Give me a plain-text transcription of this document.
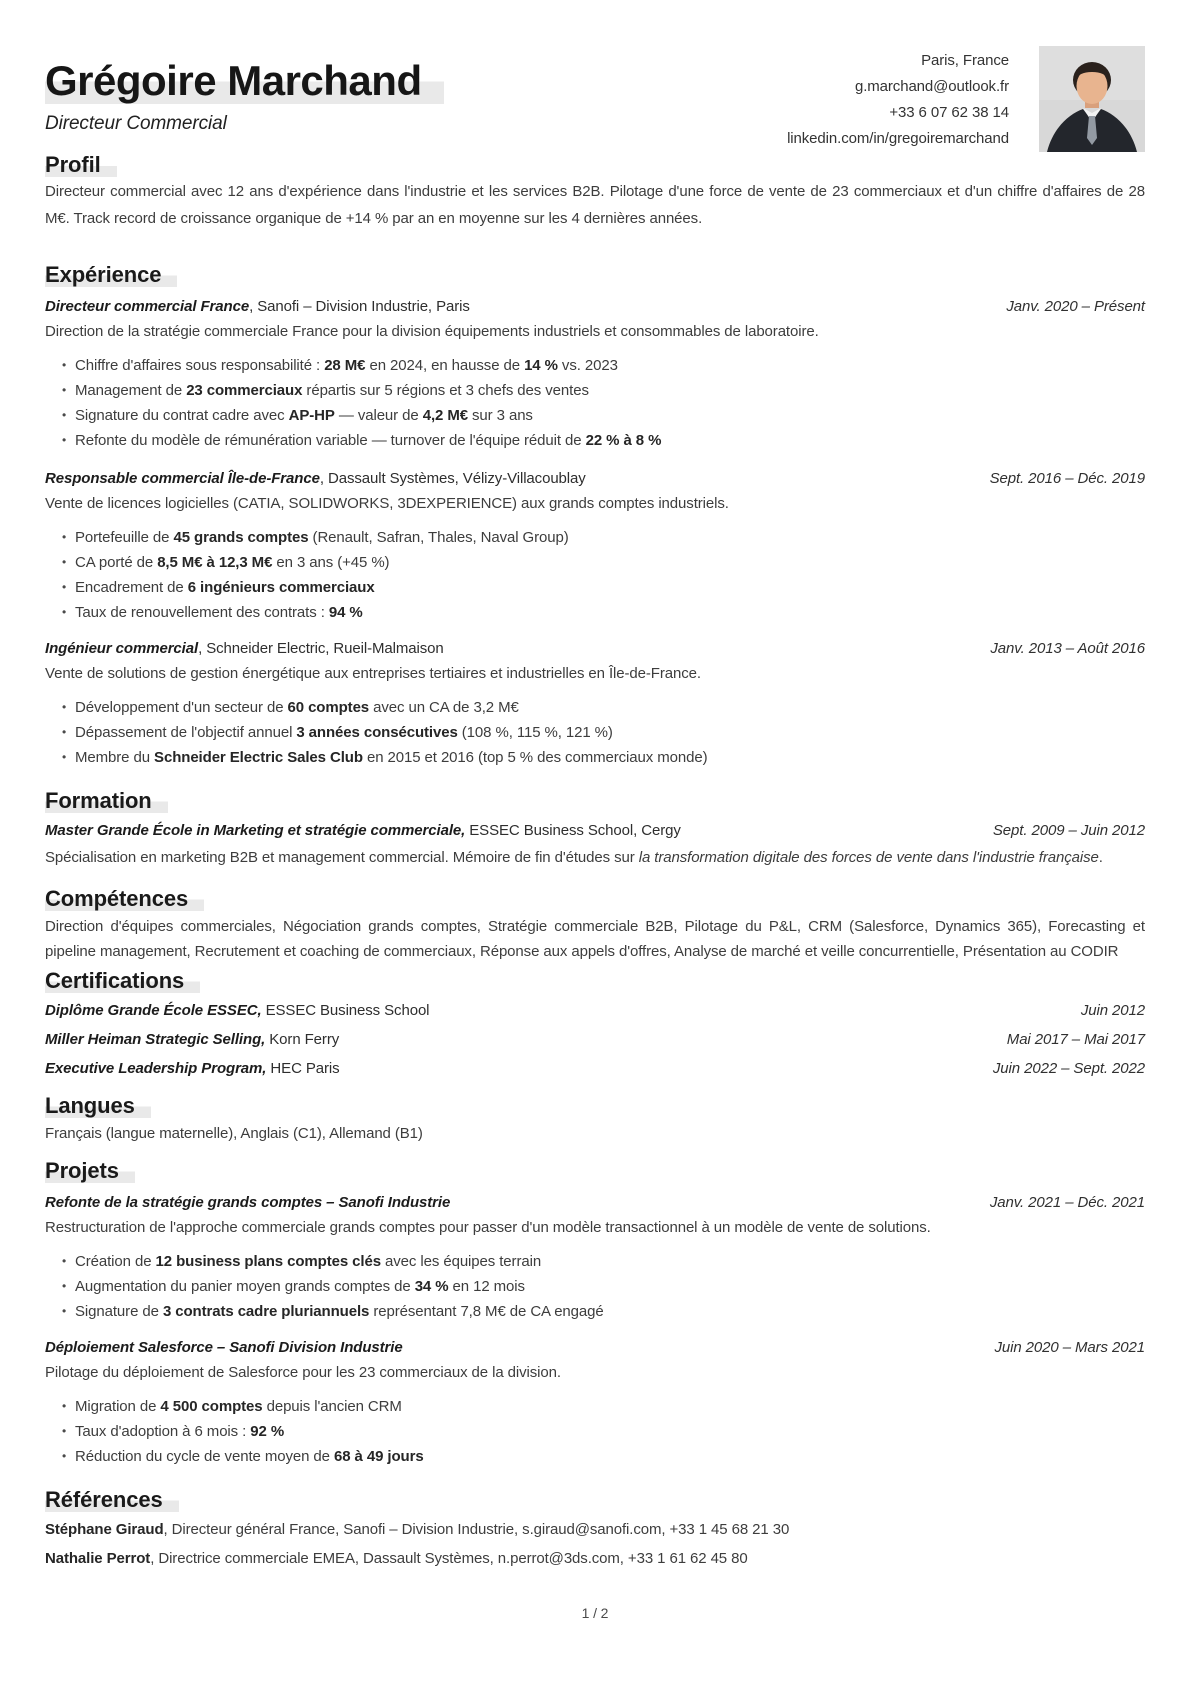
Grégoire Marchand
Directeur Commercial
Paris, France
g.marchand@outlook.fr
+33 6 07 62 38 14
linkedin.com/in/gregoiremarchand
Profil

Directeur commercial avec 12 ans d'expérience dans l'industrie et les services B2B. Pilotage d'une force de vente de 23 commerciaux et d'un chiffre d'affaires de 28 M€. Track record de croissance organique de +14 % par an en moyenne sur les 4 dernières années.

Expérience
Directeur commercial France, Sanofi – Division Industrie, Paris	Janv. 2020 – Présent
Direction de la stratégie commerciale France pour la division équipements industriels et consommables de laboratoire.
• Chiffre d'affaires sous responsabilité : 28 M€ en 2024, en hausse de 14 % vs. 2023
• Management de 23 commerciaux répartis sur 5 régions et 3 chefs des ventes
• Signature du contrat cadre avec AP-HP — valeur de 4,2 M€ sur 3 ans
• Refonte du modèle de rémunération variable — turnover de l'équipe réduit de 22 % à 8 %
Responsable commercial Île-de-France, Dassault Systèmes, Vélizy-Villacoublay	Sept. 2016 – Déc. 2019
Vente de licences logicielles (CATIA, SOLIDWORKS, 3DEXPERIENCE) aux grands comptes industriels.
• Portefeuille de 45 grands comptes (Renault, Safran, Thales, Naval Group)
• CA porté de 8,5 M€ à 12,3 M€ en 3 ans (+45 %)
• Encadrement de 6 ingénieurs commerciaux
• Taux de renouvellement des contrats : 94 %
Ingénieur commercial, Schneider Electric, Rueil-Malmaison	Janv. 2013 – Août 2016
Vente de solutions de gestion énergétique aux entreprises tertiaires et industrielles en Île-de-France.
• Développement d'un secteur de 60 comptes avec un CA de 3,2 M€
• Dépassement de l'objectif annuel 3 années consécutives (108 %, 115 %, 121 %)
• Membre du Schneider Electric Sales Club en 2015 et 2016 (top 5 % des commerciaux monde)
Formation
Master Grande École in Marketing et stratégie commerciale, ESSEC Business School, Cergy	Sept. 2009 – Juin 2012

Spécialisation en marketing B2B et management commercial. Mémoire de fin d'études sur la transformation digitale des forces de vente dans l'industrie française.

Compétences

Direction d'équipes commerciales, Négociation grands comptes, Stratégie commerciale B2B, Pilotage du P&L, CRM (Salesforce, Dynamics 365), Forecasting et pipeline management, Recrutement et coaching de commerciaux, Réponse aux appels d'offres, Analyse de marché et veille concurrentielle, Présentation au CODIR

Certifications
Diplôme Grande École ESSEC, ESSEC Business School	Juin 2012
Miller Heiman Strategic Selling, Korn Ferry	Mai 2017 – Mai 2017
Executive Leadership Program, HEC Paris	Juin 2022 – Sept. 2022
Langues

Français (langue maternelle), Anglais (C1), Allemand (B1)

Projets
Refonte de la stratégie grands comptes – Sanofi Industrie	Janv. 2021 – Déc. 2021
Restructuration de l'approche commerciale grands comptes pour passer d'un modèle transactionnel à un modèle de vente de solutions.
• Création de 12 business plans comptes clés avec les équipes terrain
• Augmentation du panier moyen grands comptes de 34 % en 12 mois
• Signature de 3 contrats cadre pluriannuels représentant 7,8 M€ de CA engagé
Déploiement Salesforce – Sanofi Division Industrie	Juin 2020 – Mars 2021
Pilotage du déploiement de Salesforce pour les 23 commerciaux de la division.
• Migration de 4 500 comptes depuis l'ancien CRM
• Taux d'adoption à 6 mois : 92 %
• Réduction du cycle de vente moyen de 68 à 49 jours
Références

Stéphane Giraud, Directeur général France, Sanofi – Division Industrie, s.giraud@sanofi.com, +33 1 45 68 21 30

Nathalie Perrot, Directrice commerciale EMEA, Dassault Systèmes, n.perrot@3ds.com, +33 1 61 62 45 80

1 / 2
